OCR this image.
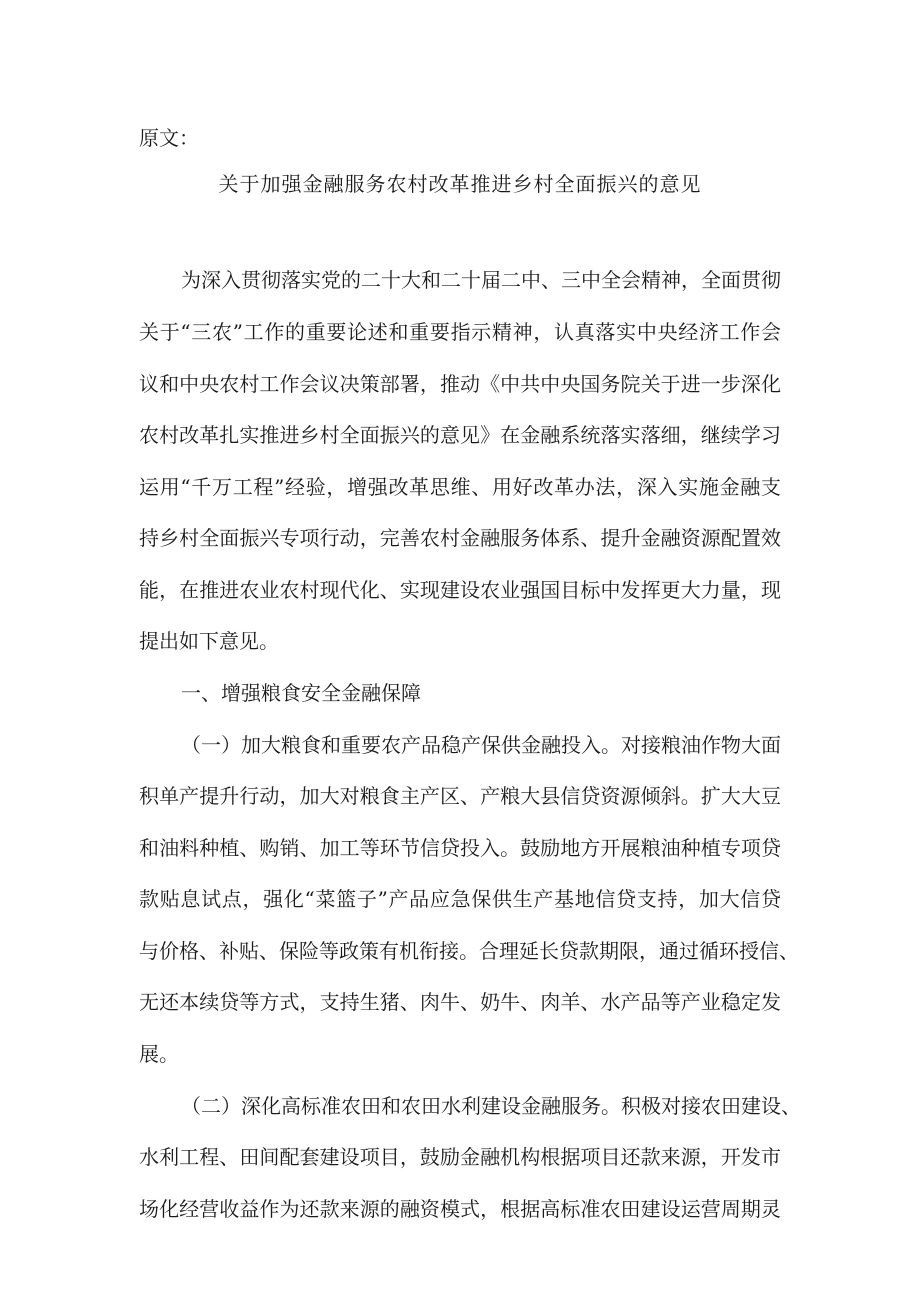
原文：
关于加强金融服务农村改革推进乡村全面振兴的意见
为深入贯彻落实党的二十大和二十届二中、三中全会精神，全面贯彻
关于“三农”工作的重要论述和重要指示精神，认真落实中央经济工作会
议和中央农村工作会议决策部署，推动《中共中央国务院关于进一步深化
农村改革扎实推进乡村全面振兴的意见》在金融系统落实落细，继续学习
运用“千万工程”经验，增强改革思维、用好改革办法，深入实施金融支
持乡村全面振兴专项行动，完善农村金融服务体系、提升金融资源配置效
能，在推进农业农村现代化、实现建设农业强国目标中发挥更大力量，现
提出如下意见。
一、增强粮食安全金融保障
（一）加大粮食和重要农产品稳产保供金融投入。对接粮油作物大面
积单产提升行动，加大对粮食主产区、产粮大县信贷资源倾斜。扩大大豆
和油料种植、购销、加工等环节信贷投入。鼓励地方开展粮油种植专项贷
款贴息试点，强化“菜篮子”产品应急保供生产基地信贷支持，加大信贷
与价格、补贴、保险等政策有机衔接。合理延长贷款期限，通过循环授信、
无还本续贷等方式，支持生猪、肉牛、奶牛、肉羊、水产品等产业稳定发
展。
（二）深化高标准农田和农田水利建设金融服务。积极对接农田建设、
水利工程、田间配套建设项目，鼓励金融机构根据项目还款来源，开发市
场化经营收益作为还款来源的融资模式，根据高标准农田建设运营周期灵
